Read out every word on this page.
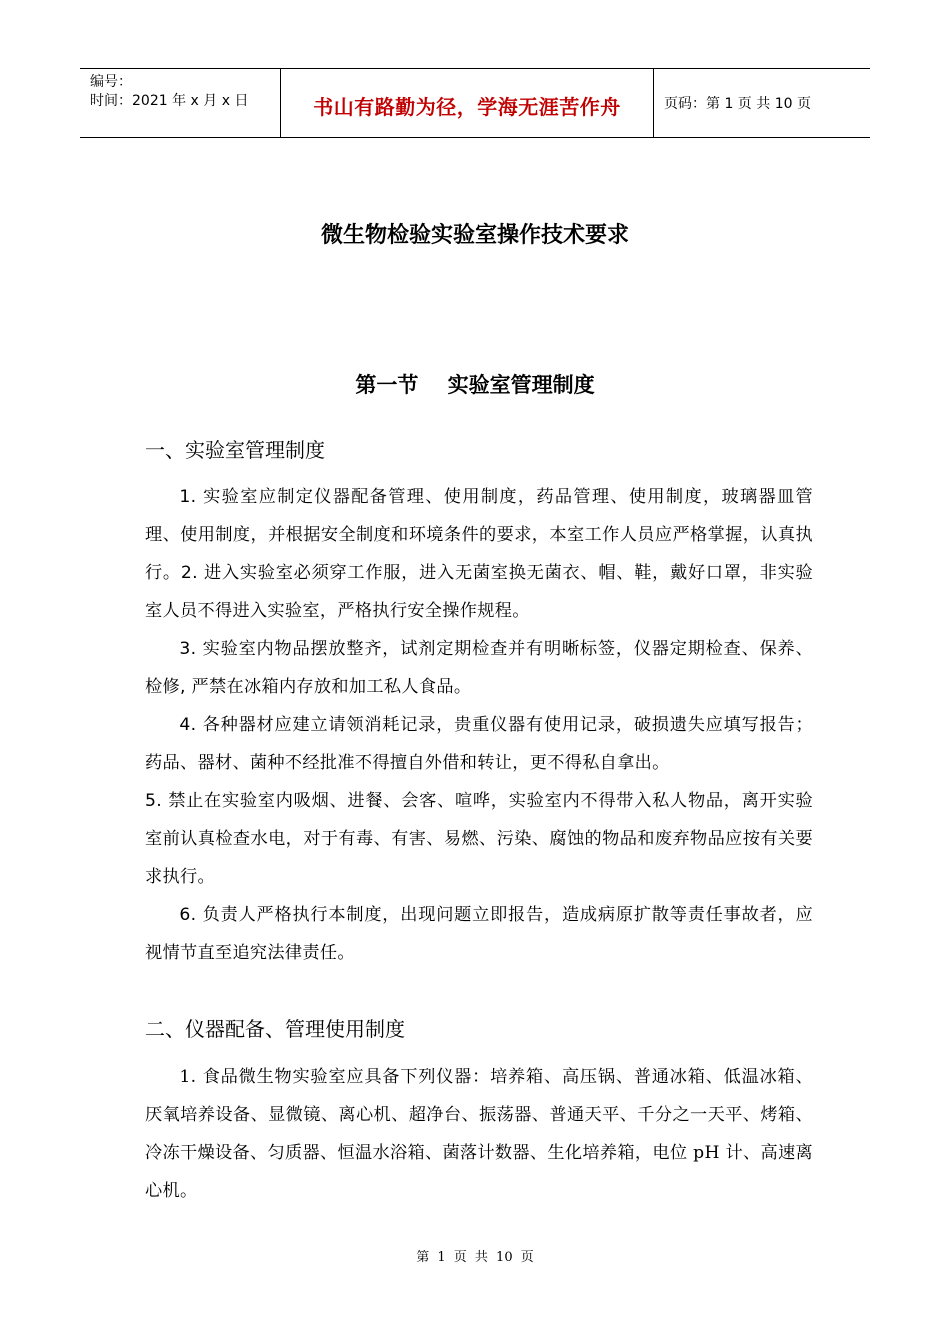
编号：
时间：2021 年 x 月 x 日	书山有路勤为径，学海无涯苦作舟	页码：第 1 页 共 10 页
微生物检验实验室操作技术要求
第一节    实验室管理制度
一、实验室管理制度

1. 实验室应制定仪器配备管理、使用制度，药品管理、使用制度，玻璃器皿管理、使用制度，并根据安全制度和环境条件的要求，本室工作人员应严格掌握，认真执行。2. 进入实验室必须穿工作服，进入无菌室换无菌衣、帽、鞋，戴好口罩，非实验室人员不得进入实验室，严格执行安全操作规程。

3. 实验室内物品摆放整齐，试剂定期检查并有明晰标签，仪器定期检查、保养、检修, 严禁在冰箱内存放和加工私人食品。

4. 各种器材应建立请领消耗记录，贵重仪器有使用记录，破损遗失应填写报告；药品、器材、菌种不经批准不得擅自外借和转让，更不得私自拿出。

5. 禁止在实验室内吸烟、进餐、会客、喧哗，实验室内不得带入私人物品，离开实验室前认真检查水电，对于有毒、有害、易燃、污染、腐蚀的物品和废弃物品应按有关要求执行。

6. 负责人严格执行本制度，出现问题立即报告，造成病原扩散等责任事故者，应视情节直至追究法律责任。

二、仪器配备、管理使用制度

1. 食品微生物实验室应具备下列仪器：培养箱、高压锅、普通冰箱、低温冰箱、厌氧培养设备、显微镜、离心机、超净台、振荡器、普通天平、千分之一天平、烤箱、冷冻干燥设备、匀质器、恒温水浴箱、菌落计数器、生化培养箱，电位 pH 计、高速离心机。

第 1 页 共 10 页
